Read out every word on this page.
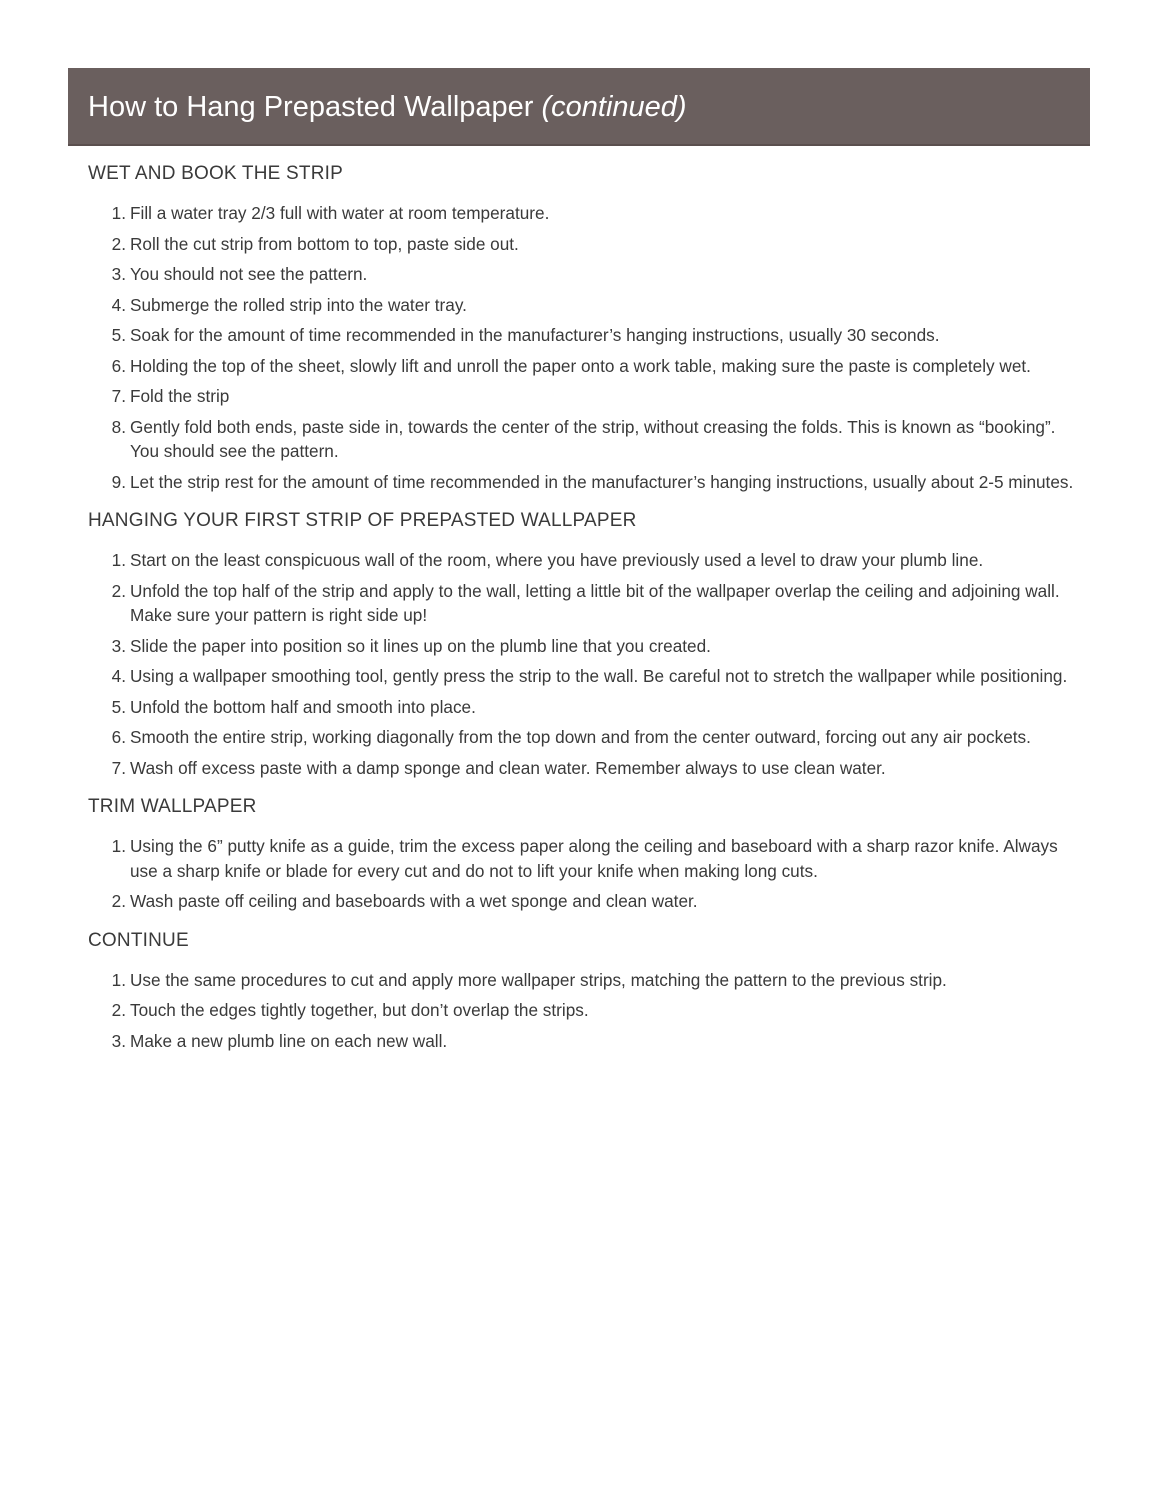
How to Hang Prepasted Wallpaper (continued)
WET AND BOOK THE STRIP
1. Fill a water tray 2/3 full with water at room temperature.
2. Roll the cut strip from bottom to top, paste side out.
3. You should not see the pattern.
4. Submerge the rolled strip into the water tray.
5. Soak for the amount of time recommended in the manufacturer’s hanging instructions, usually 30 seconds.
6. Holding the top of the sheet, slowly lift and unroll the paper onto a work table, making sure the paste is completely wet.
7. Fold the strip
8. Gently fold both ends, paste side in, towards the center of the strip, without creasing the folds. This is known as “booking”. You should see the pattern.
9. Let the strip rest for the amount of time recommended in the manufacturer’s hanging instructions, usually about 2-5 minutes.
HANGING YOUR FIRST STRIP OF PREPASTED WALLPAPER
1. Start on the least conspicuous wall of the room, where you have previously used a level to draw your plumb line.
2. Unfold the top half of the strip and apply to the wall, letting a little bit of the wallpaper overlap the ceiling and adjoining wall. Make sure your pattern is right side up!
3. Slide the paper into position so it lines up on the plumb line that you created.
4. Using a wallpaper smoothing tool, gently press the strip to the wall. Be careful not to stretch the wallpaper while positioning.
5. Unfold the bottom half and smooth into place.
6. Smooth the entire strip, working diagonally from the top down and from the center outward, forcing out any air pockets.
7. Wash off excess paste with a damp sponge and clean water. Remember always to use clean water.
TRIM WALLPAPER
1. Using the 6” putty knife as a guide, trim the excess paper along the ceiling and baseboard with a sharp razor knife. Always use a sharp knife or blade for every cut and do not to lift your knife when making long cuts.
2. Wash paste off ceiling and baseboards with a wet sponge and clean water.
CONTINUE
1. Use the same procedures to cut and apply more wallpaper strips, matching the pattern to the previous strip.
2. Touch the edges tightly together, but don’t overlap the strips.
3. Make a new plumb line on each new wall.
